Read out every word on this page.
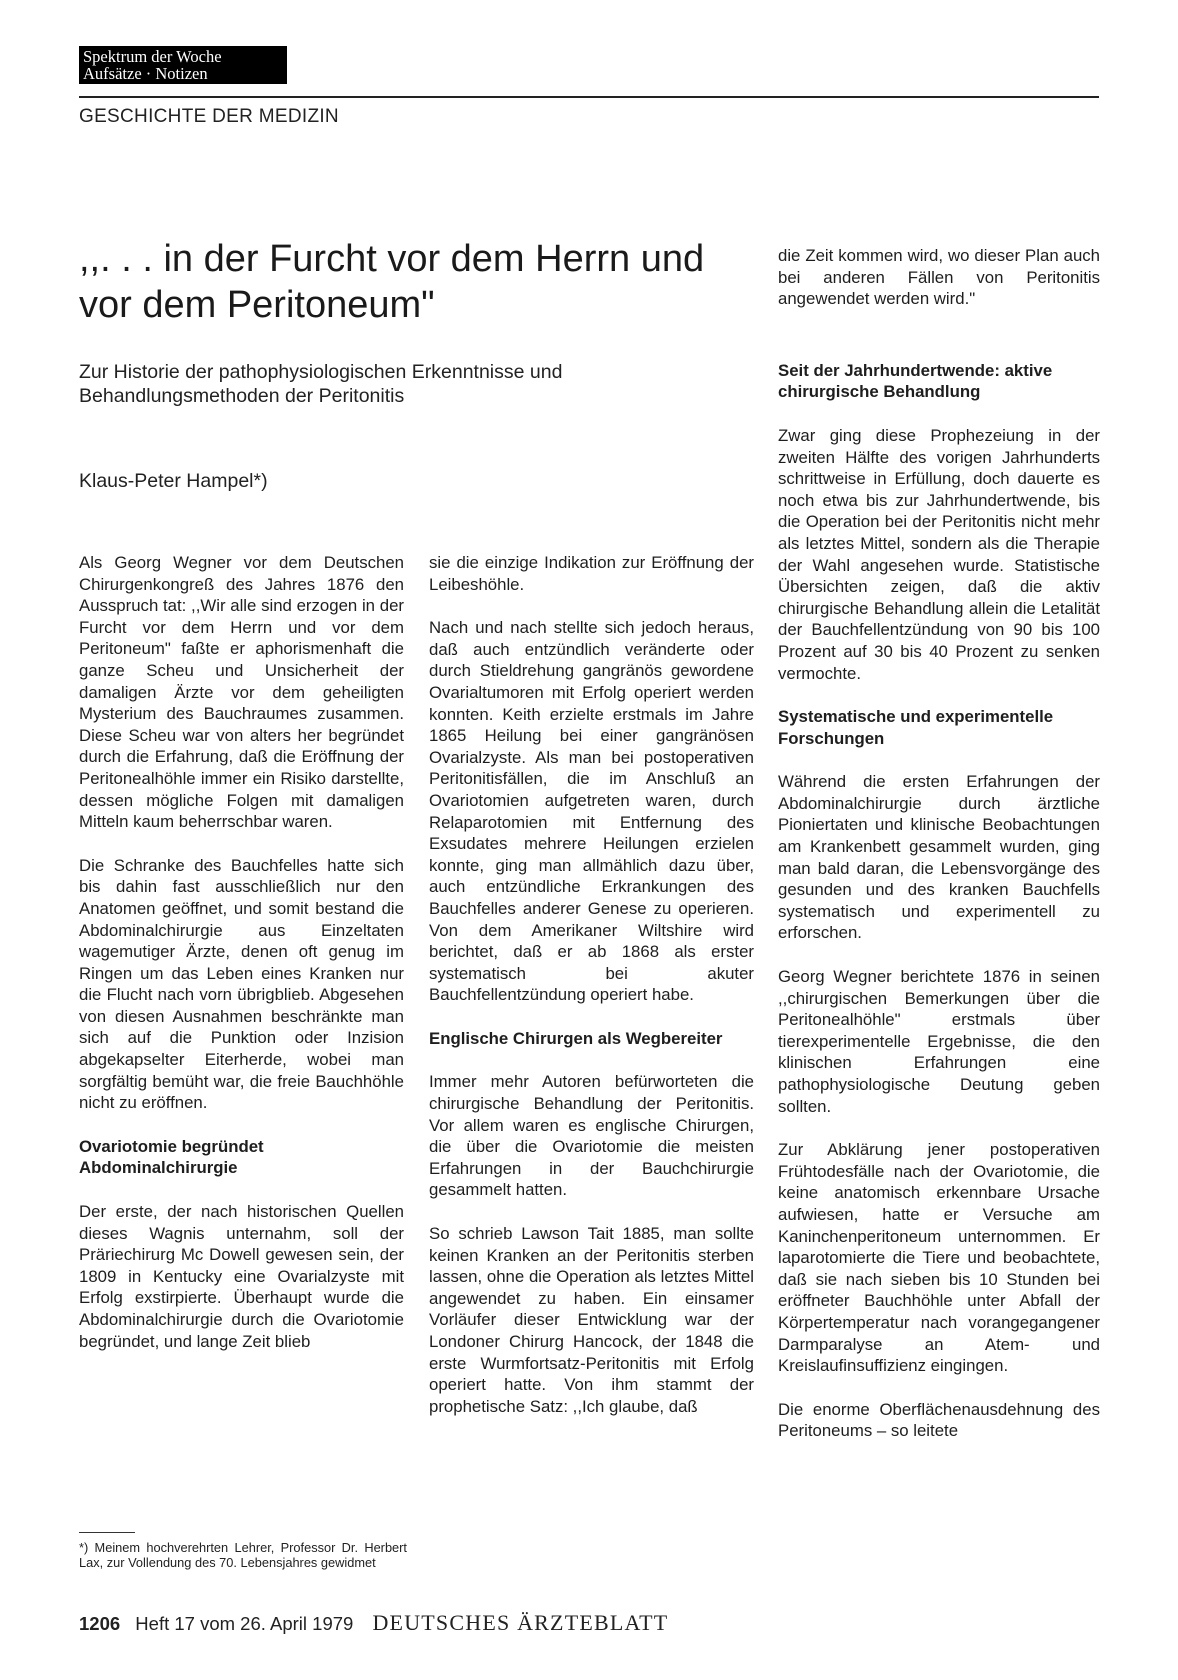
Spektrum der Woche
Aufsätze · Notizen
GESCHICHTE DER MEDIZIN
,,. . . in der Furcht vor dem Herrn und vor dem Peritoneum"
Zur Historie der pathophysiologischen Erkenntnisse und Behandlungsmethoden der Peritonitis
Klaus-Peter Hampel*)

Als Georg Wegner vor dem Deutschen Chirurgenkongreß des Jahres 1876 den Ausspruch tat: ,,Wir alle sind erzogen in der Furcht vor dem Herrn und vor dem Peritoneum" faßte er aphorismenhaft die ganze Scheu und Unsicherheit der damaligen Ärzte vor dem geheiligten Mysterium des Bauchraumes zusammen. Diese Scheu war von alters her begründet durch die Erfahrung, daß die Eröffnung der Peritonealhöhle immer ein Risiko darstellte, dessen mögliche Folgen mit damaligen Mitteln kaum beherrschbar waren.

Die Schranke des Bauchfelles hatte sich bis dahin fast ausschließlich nur den Anatomen geöffnet, und somit bestand die Abdominalchirurgie aus Einzeltaten wagemutiger Ärzte, denen oft genug im Ringen um das Leben eines Kranken nur die Flucht nach vorn übrigblieb. Abgesehen von diesen Ausnahmen beschränkte man sich auf die Punktion oder Inzision abgekapselter Eiterherde, wobei man sorgfältig bemüht war, die freie Bauchhöhle nicht zu eröffnen.

Ovariotomie begründet Abdominalchirurgie

Der erste, der nach historischen Quellen dieses Wagnis unternahm, soll der Präriechirurg Mc Dowell gewesen sein, der 1809 in Kentucky eine Ovarialzyste mit Erfolg exstirpierte. Überhaupt wurde die Abdominalchirurgie durch die Ovariotomie begründet, und lange Zeit blieb

sie die einzige Indikation zur Eröffnung der Leibeshöhle.

Nach und nach stellte sich jedoch heraus, daß auch entzündlich veränderte oder durch Stieldrehung gangränös gewordene Ovarialtumoren mit Erfolg operiert werden konnten. Keith erzielte erstmals im Jahre 1865 Heilung bei einer gangränösen Ovarialzyste. Als man bei postoperativen Peritonitisfällen, die im Anschluß an Ovariotomien aufgetreten waren, durch Relaparotomien mit Entfernung des Exsudates mehrere Heilungen erzielen konnte, ging man allmählich dazu über, auch entzündliche Erkrankungen des Bauchfelles anderer Genese zu operieren. Von dem Amerikaner Wiltshire wird berichtet, daß er ab 1868 als erster systematisch bei akuter Bauchfellentzündung operiert habe.

Englische Chirurgen als Wegbereiter

Immer mehr Autoren befürworteten die chirurgische Behandlung der Peritonitis. Vor allem waren es englische Chirurgen, die über die Ovariotomie die meisten Erfahrungen in der Bauchchirurgie gesammelt hatten.

So schrieb Lawson Tait 1885, man sollte keinen Kranken an der Peritonitis sterben lassen, ohne die Operation als letztes Mittel angewendet zu haben. Ein einsamer Vorläufer dieser Entwicklung war der Londoner Chirurg Hancock, der 1848 die erste Wurmfortsatz-Peritonitis mit Erfolg operiert hatte. Von ihm stammt der prophetische Satz: ,,Ich glaube, daß

die Zeit kommen wird, wo dieser Plan auch bei anderen Fällen von Peritonitis angewendet werden wird."

Seit der Jahrhundertwende: aktive chirurgische Behandlung

Zwar ging diese Prophezeiung in der zweiten Hälfte des vorigen Jahrhunderts schrittweise in Erfüllung, doch dauerte es noch etwa bis zur Jahrhundertwende, bis die Operation bei der Peritonitis nicht mehr als letztes Mittel, sondern als die Therapie der Wahl angesehen wurde. Statistische Übersichten zeigen, daß die aktiv chirurgische Behandlung allein die Letalität der Bauchfellentzündung von 90 bis 100 Prozent auf 30 bis 40 Prozent zu senken vermochte.

Systematische und experimentelle Forschungen

Während die ersten Erfahrungen der Abdominalchirurgie durch ärztliche Pioniertaten und klinische Beobachtungen am Krankenbett gesammelt wurden, ging man bald daran, die Lebensvorgänge des gesunden und des kranken Bauchfells systematisch und experimentell zu erforschen.

Georg Wegner berichtete 1876 in seinen ,,chirurgischen Bemerkungen über die Peritonealhöhle" erstmals über tierexperimentelle Ergebnisse, die den klinischen Erfahrungen eine pathophysiologische Deutung geben sollten.

Zur Abklärung jener postoperativen Frühtodesfälle nach der Ovariotomie, die keine anatomisch erkennbare Ursache aufwiesen, hatte er Versuche am Kaninchenperitoneum unternommen. Er laparotomierte die Tiere und beobachtete, daß sie nach sieben bis 10 Stunden bei eröffneter Bauchhöhle unter Abfall der Körpertemperatur nach vorangegangener Darmparalyse an Atem- und Kreislaufinsuffizienz eingingen.

Die enorme Oberflächenausdehnung des Peritoneums – so leitete

*) Meinem hochverehrten Lehrer, Professor Dr. Herbert Lax, zur Vollendung des 70. Lebensjahres gewidmet
1206 Heft 17 vom 26. April 1979 DEUTSCHES ÄRZTEBLATT
